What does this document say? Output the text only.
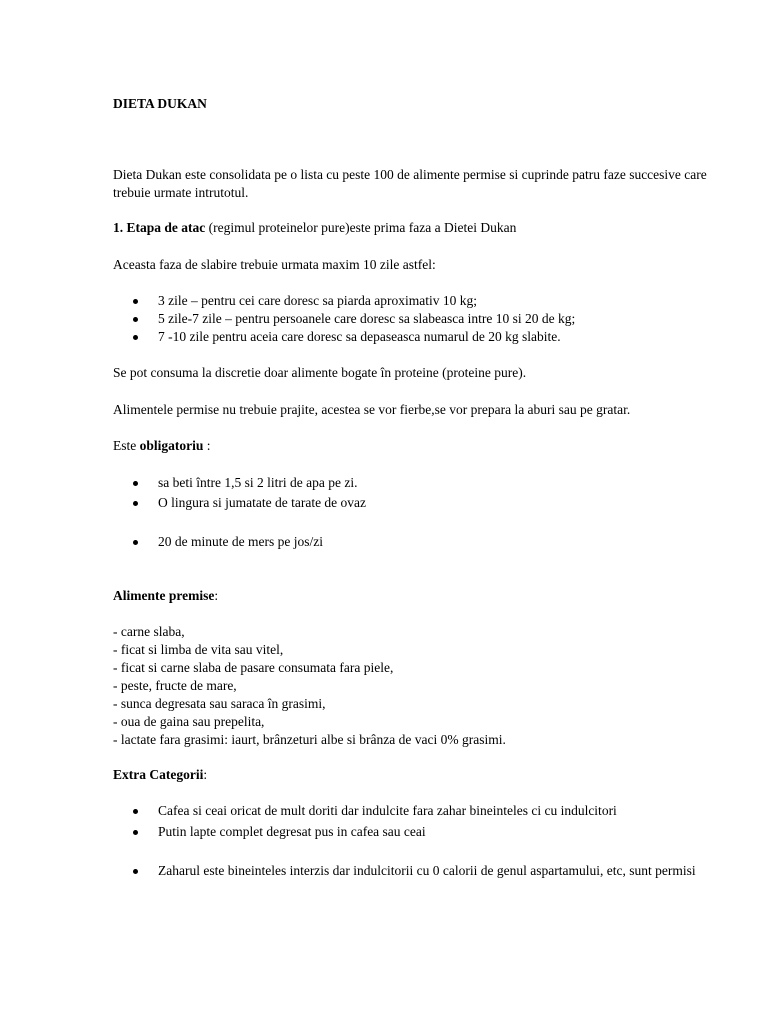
DIETA DUKAN

Dieta Dukan este consolidata pe o lista cu peste 100 de alimente permise si cuprinde patru faze succesive care trebuie urmate intrutotul.

1. Etapa de atac (regimul proteinelor pure)este prima faza a Dietei Dukan

Aceasta faza de slabire trebuie urmata maxim 10 zile astfel:

3 zile – pentru cei care doresc sa piarda aproximativ 10 kg;
5 zile-7 zile – pentru persoanele care doresc sa slabeasca intre 10 si 20 de kg;
7 -10 zile pentru aceia care doresc sa depaseasca numarul de 20 kg slabite.

Se pot consuma la discretie doar alimente bogate în proteine (proteine pure).

Alimentele permise nu trebuie prajite, acestea se vor fierbe,se vor prepara la aburi sau pe gratar.

Este obligatoriu :

sa beti între 1,5 si 2 litri de apa pe zi.
O lingura si jumatate de tarate de ovaz
20 de minute de mers pe jos/zi

Alimente premise:

- carne slaba,
- ficat si limba de vita sau vitel,
- ficat si carne slaba de pasare consumata fara piele,
- peste, fructe de mare,
- sunca degresata sau saraca în grasimi,
- oua de gaina sau prepelita,
- lactate fara grasimi: iaurt, brânzeturi albe si brânza de vaci 0% grasimi.

Extra Categorii:

Cafea si ceai oricat de mult doriti dar indulcite fara zahar bineinteles ci cu indulcitori
Putin lapte complet degresat pus in cafea sau ceai
Zaharul este bineinteles interzis dar indulcitorii cu 0 calorii de genul aspartamului, etc, sunt permisi
